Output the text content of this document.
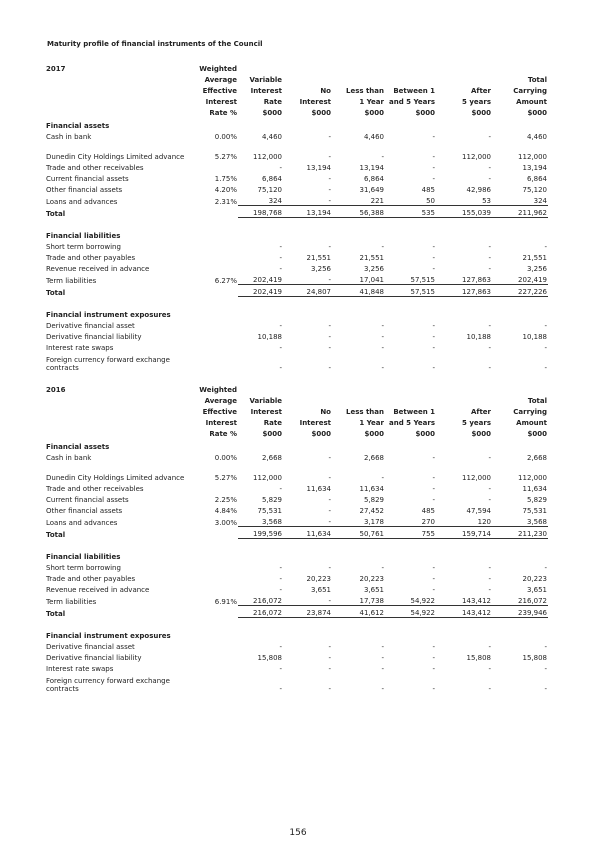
Maturity profile of financial instruments of the Council
2017	Weighted						
	Average	Variable					Total
	Effective	Interest	No	Less than	Between 1	After	Carrying
	Interest	Rate	Interest	1 Year	and 5 Years	5 years	Amount
	Rate %	$000	$000	$000	$000	$000	$000
Financial assets							
Cash in bank	0.00%	4,460	-	4,460	-	-	4,460
Dunedin City Holdings Limited advance	5.27%	112,000	-	-	-	112,000	112,000
Trade and other receivables		-	13,194	13,194	-	-	13,194
Current financial assets	1.75%	6,864	-	6,864	-	-	6,864
Other financial assets	4.20%	75,120	-	31,649	485	42,986	75,120
Loans and advances	2.31%	324	-	221	50	53	324
Total		198,768	13,194	56,388	535	155,039	211,962

Financial liabilities							
Short term borrowing		-	-	-	-	-	-
Trade and other payables		-	21,551	21,551	-	-	21,551
Revenue received in advance		-	3,256	3,256	-	-	3,256
Term liabilities	6.27%	202,419	-	17,041	57,515	127,863	202,419
Total		202,419	24,807	41,848	57,515	127,863	227,226

Financial instrument exposures							
Derivative financial asset		-	-	-	-	-	-
Derivative financial liability		10,188	-	-	-	10,188	10,188
Interest rate swaps		-	-	-	-	-	-
Foreign currency forward exchange contracts		-	-	-	-	-	-
2016	Weighted						
	Average	Variable					Total
	Effective	Interest	No	Less than	Between 1	After	Carrying
	Interest	Rate	Interest	1 Year	and 5 Years	5 years	Amount
	Rate %	$000	$000	$000	$000	$000	$000
Financial assets							
Cash in bank	0.00%	2,668	-	2,668	-	-	2,668
Dunedin City Holdings Limited advance	5.27%	112,000	-	-	-	112,000	112,000
Trade and other receivables		-	11,634	11,634	-	-	11,634
Current financial assets	2.25%	5,829	-	5,829	-	-	5,829
Other financial assets	4.84%	75,531	-	27,452	485	47,594	75,531
Loans and advances	3.00%	3,568	-	3,178	270	120	3,568
Total		199,596	11,634	50,761	755	159,714	211,230

Financial liabilities							
Short term borrowing		-	-	-	-	-	-
Trade and other payables		-	20,223	20,223	-	-	20,223
Revenue received in advance		-	3,651	3,651	-	-	3,651
Term liabilities	6.91%	216,072	-	17,738	54,922	143,412	216,072
Total		216,072	23,874	41,612	54,922	143,412	239,946

Financial instrument exposures							
Derivative financial asset		-	-	-	-	-	-
Derivative financial liability		15,808	-	-	-	15,808	15,808
Interest rate swaps		-	-	-	-	-	-
Foreign currency forward exchange contracts		-	-	-	-	-	-
156
